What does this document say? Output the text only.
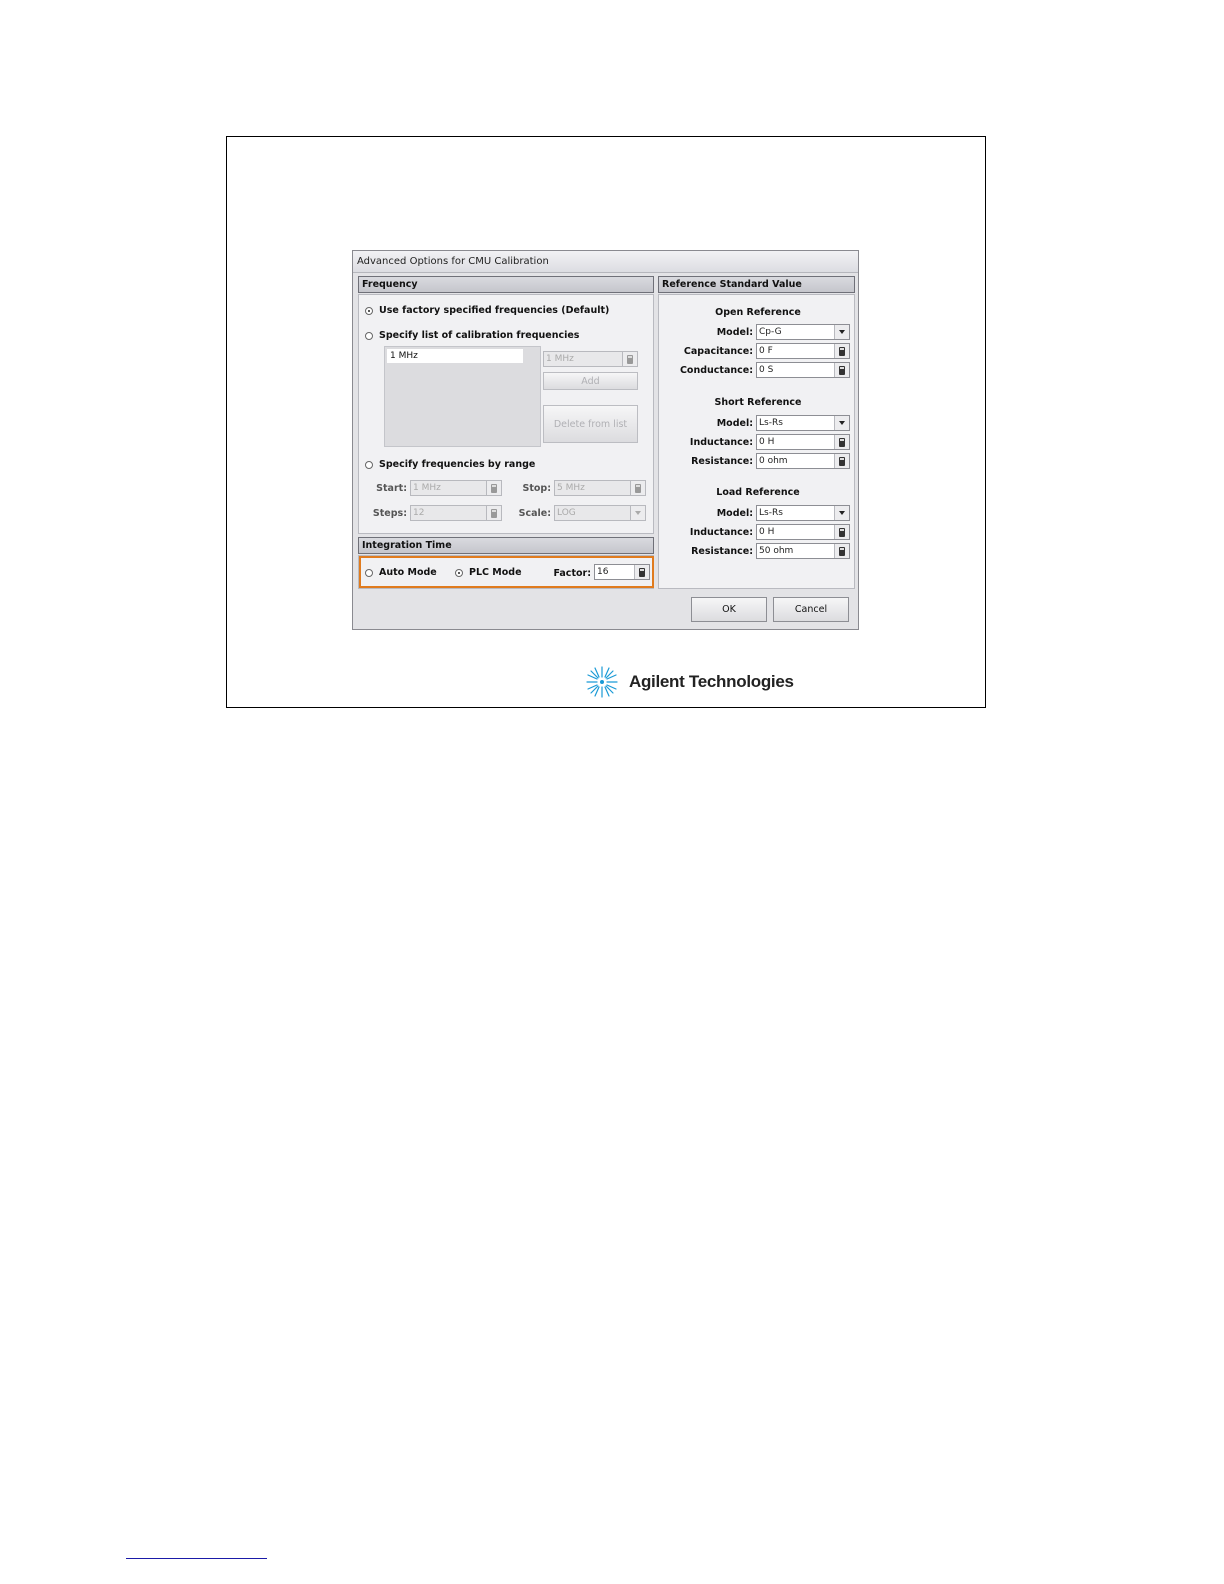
Advanced Options for CMU Calibration
Frequency
Use factory specified frequencies (Default)
Specify list of calibration frequencies
1 MHz	1 MHz
Add
Delete from list
Specify frequencies by range
Start: 1 MHz	Stop: 5 MHz
Steps: 12	Scale: LOG
Integration Time
Auto Mode	PLC Mode	Factor: 16
Reference Standard Value
Open Reference
Model: Cp-G
Capacitance: 0 F
Conductance: 0 S
Short Reference
Model: Ls-Rs
Inductance: 0 H
Resistance: 0 ohm
Load Reference
Model: Ls-Rs
Inductance: 0 H
Resistance: 50 ohm
OK	Cancel
Agilent Technologies
